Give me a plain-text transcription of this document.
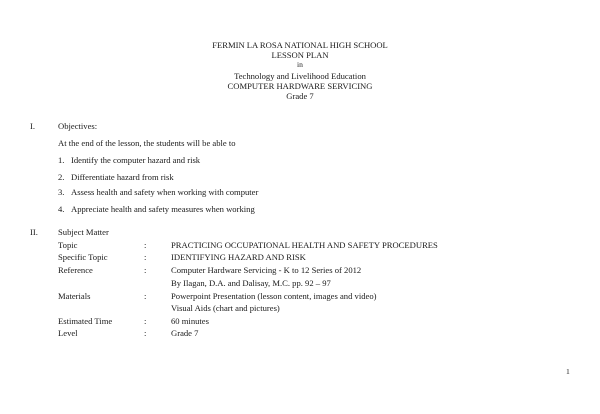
FERMIN LA ROSA NATIONAL HIGH SCHOOL
LESSON PLAN
in
Technology and Livelihood Education
COMPUTER HARDWARE SERVICING
Grade 7
I.	Objectives:
At the end of the lesson, the students will be able to
1. Identify the computer hazard and risk
2. Differentiate hazard from risk
3. Assess health and safety when working with computer
4. Appreciate health and safety measures when working
II. Subject Matter
Topic	:	PRACTICING OCCUPATIONAL HEALTH AND SAFETY PROCEDURES
Specific Topic	:	IDENTIFYING HAZARD AND RISK
Reference	:	Computer Hardware Servicing - K to 12 Series of 2012
By Ilagan, D.A. and Dalisay, M.C. pp. 92 – 97
Materials	:	Powerpoint Presentation (lesson content, images and video)
Visual Aids (chart and pictures)
Estimated Time	:	60 minutes
Level	:	Grade 7
1
